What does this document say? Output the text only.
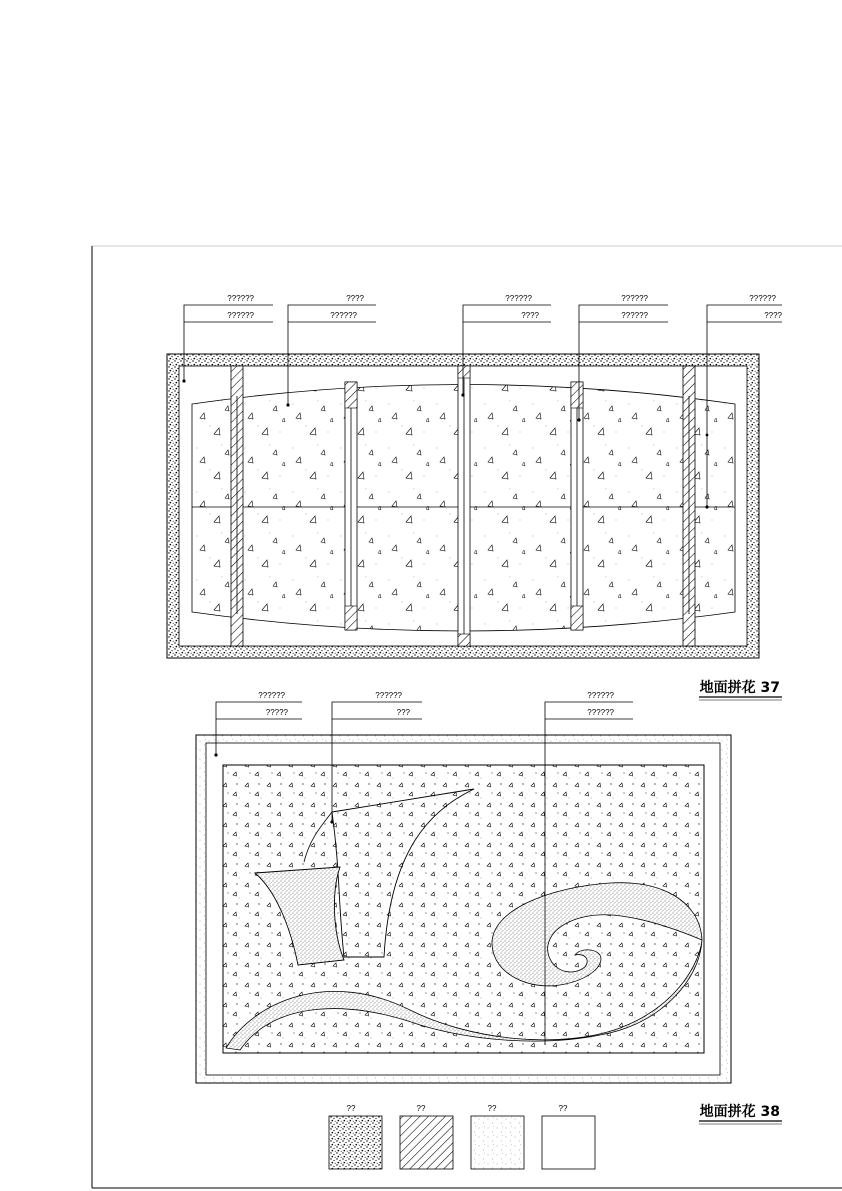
??????
??????
????
??????
??????
????
??????
??????
??????
????
地面拼花 37
??????
?????
??????
???
??????
??????
地面拼花 38
??	??	??	??
